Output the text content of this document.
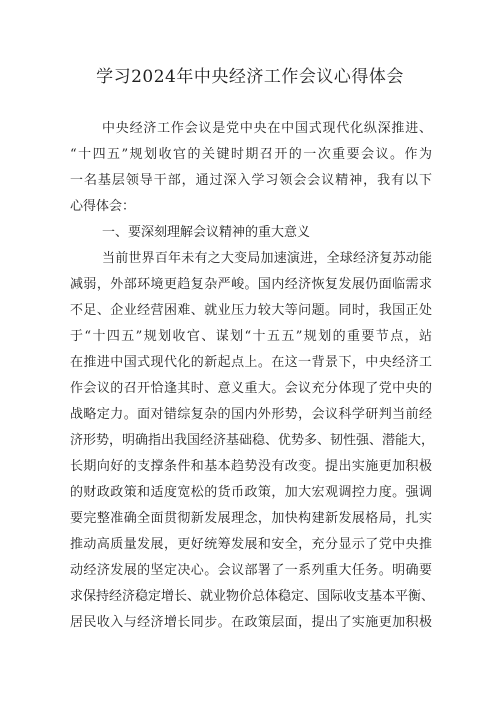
学习2024年中央经济工作会议心得体会
中央经济工作会议是党中央在中国式现代化纵深推进、
“十四五”规划收官的关键时期召开的一次重要会议。作为
一名基层领导干部，通过深入学习领会会议精神，我有以下
心得体会：
一、要深刻理解会议精神的重大意义
当前世界百年未有之大变局加速演进，全球经济复苏动能
减弱，外部环境更趋复杂严峻。国内经济恢复发展仍面临需求
不足、企业经营困难、就业压力较大等问题。同时，我国正处
于“十四五”规划收官、谋划“十五五”规划的重要节点，站
在推进中国式现代化的新起点上。在这一背景下，中央经济工
作会议的召开恰逢其时、意义重大。会议充分体现了党中央的
战略定力。面对错综复杂的国内外形势，会议科学研判当前经
济形势，明确指出我国经济基础稳、优势多、韧性强、潜能大，
长期向好的支撑条件和基本趋势没有改变。提出实施更加积极
的财政政策和适度宽松的货币政策，加大宏观调控力度。强调
要完整准确全面贯彻新发展理念，加快构建新发展格局，扎实
推动高质量发展，更好统筹发展和安全，充分显示了党中央推
动经济发展的坚定决心。会议部署了一系列重大任务。明确要
求保持经济稳定增长、就业物价总体稳定、国际收支基本平衡、
居民收入与经济增长同步。在政策层面，提出了实施更加积极
